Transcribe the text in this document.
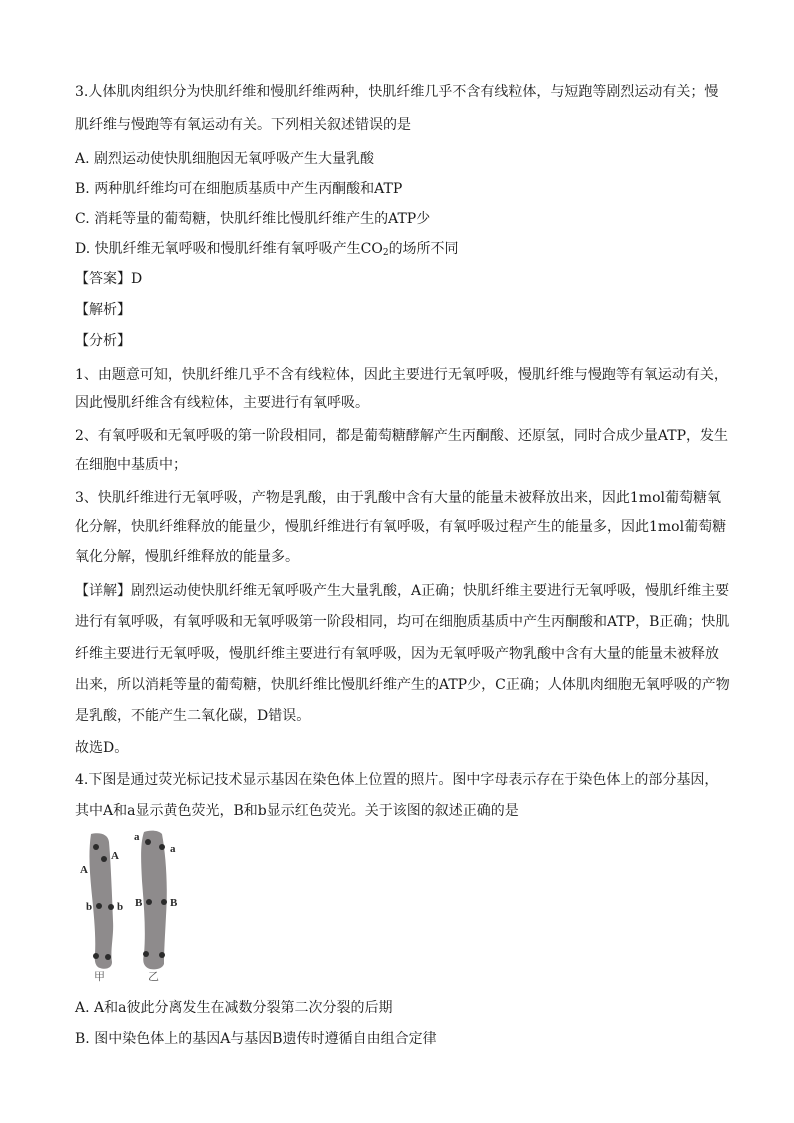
3.人体肌肉组织分为快肌纤维和慢肌纤维两种，快肌纤维几乎不含有线粒体，与短跑等剧烈运动有关；慢
肌纤维与慢跑等有氧运动有关。下列相关叙述错误的是
A. 剧烈运动使快肌细胞因无氧呼吸产生大量乳酸
B. 两种肌纤维均可在细胞质基质中产生丙酮酸和ATP
C. 消耗等量的葡萄糖，快肌纤维比慢肌纤维产生的ATP少
D. 快肌纤维无氧呼吸和慢肌纤维有氧呼吸产生$CO_2$的场所不同
【答案】D
【解析】
【分析】
1、由题意可知，快肌纤维几乎不含有线粒体，因此主要进行无氧呼吸，慢肌纤维与慢跑等有氧运动有关，
因此慢肌纤维含有线粒体，主要进行有氧呼吸。
2、有氧呼吸和无氧呼吸的第一阶段相同，都是葡萄糖酵解产生丙酮酸、还原氢，同时合成少量ATP，发生
在细胞中基质中；
3、快肌纤维进行无氧呼吸，产物是乳酸，由于乳酸中含有大量的能量未被释放出来，因此1mol葡萄糖氧
化分解，快肌纤维释放的能量少，慢肌纤维进行有氧呼吸，有氧呼吸过程产生的能量多，因此1mol葡萄糖
氧化分解，慢肌纤维释放的能量多。
【详解】剧烈运动使快肌纤维无氧呼吸产生大量乳酸，A正确；快肌纤维主要进行无氧呼吸，慢肌纤维主要
进行有氧呼吸，有氧呼吸和无氧呼吸第一阶段相同，均可在细胞质基质中产生丙酮酸和ATP，B正确；快肌
纤维主要进行无氧呼吸，慢肌纤维主要进行有氧呼吸，因为无氧呼吸产物乳酸中含有大量的能量未被释放
出来，所以消耗等量的葡萄糖，快肌纤维比慢肌纤维产生的ATP少，C正确；人体肌肉细胞无氧呼吸的产物
是乳酸，不能产生二氧化碳，D错误。
故选D。
4.下图是通过荧光标记技术显示基因在染色体上位置的照片。图中字母表示存在于染色体上的部分基因，
其中A和a显示黄色荧光，B和b显示红色荧光。关于该图的叙述正确的是
A
A
b b
a
a
B	B
甲	乙
A. A和a彼此分离发生在减数分裂第二次分裂的后期
B. 图中染色体上的基因A与基因B遗传时遵循自由组合定律
